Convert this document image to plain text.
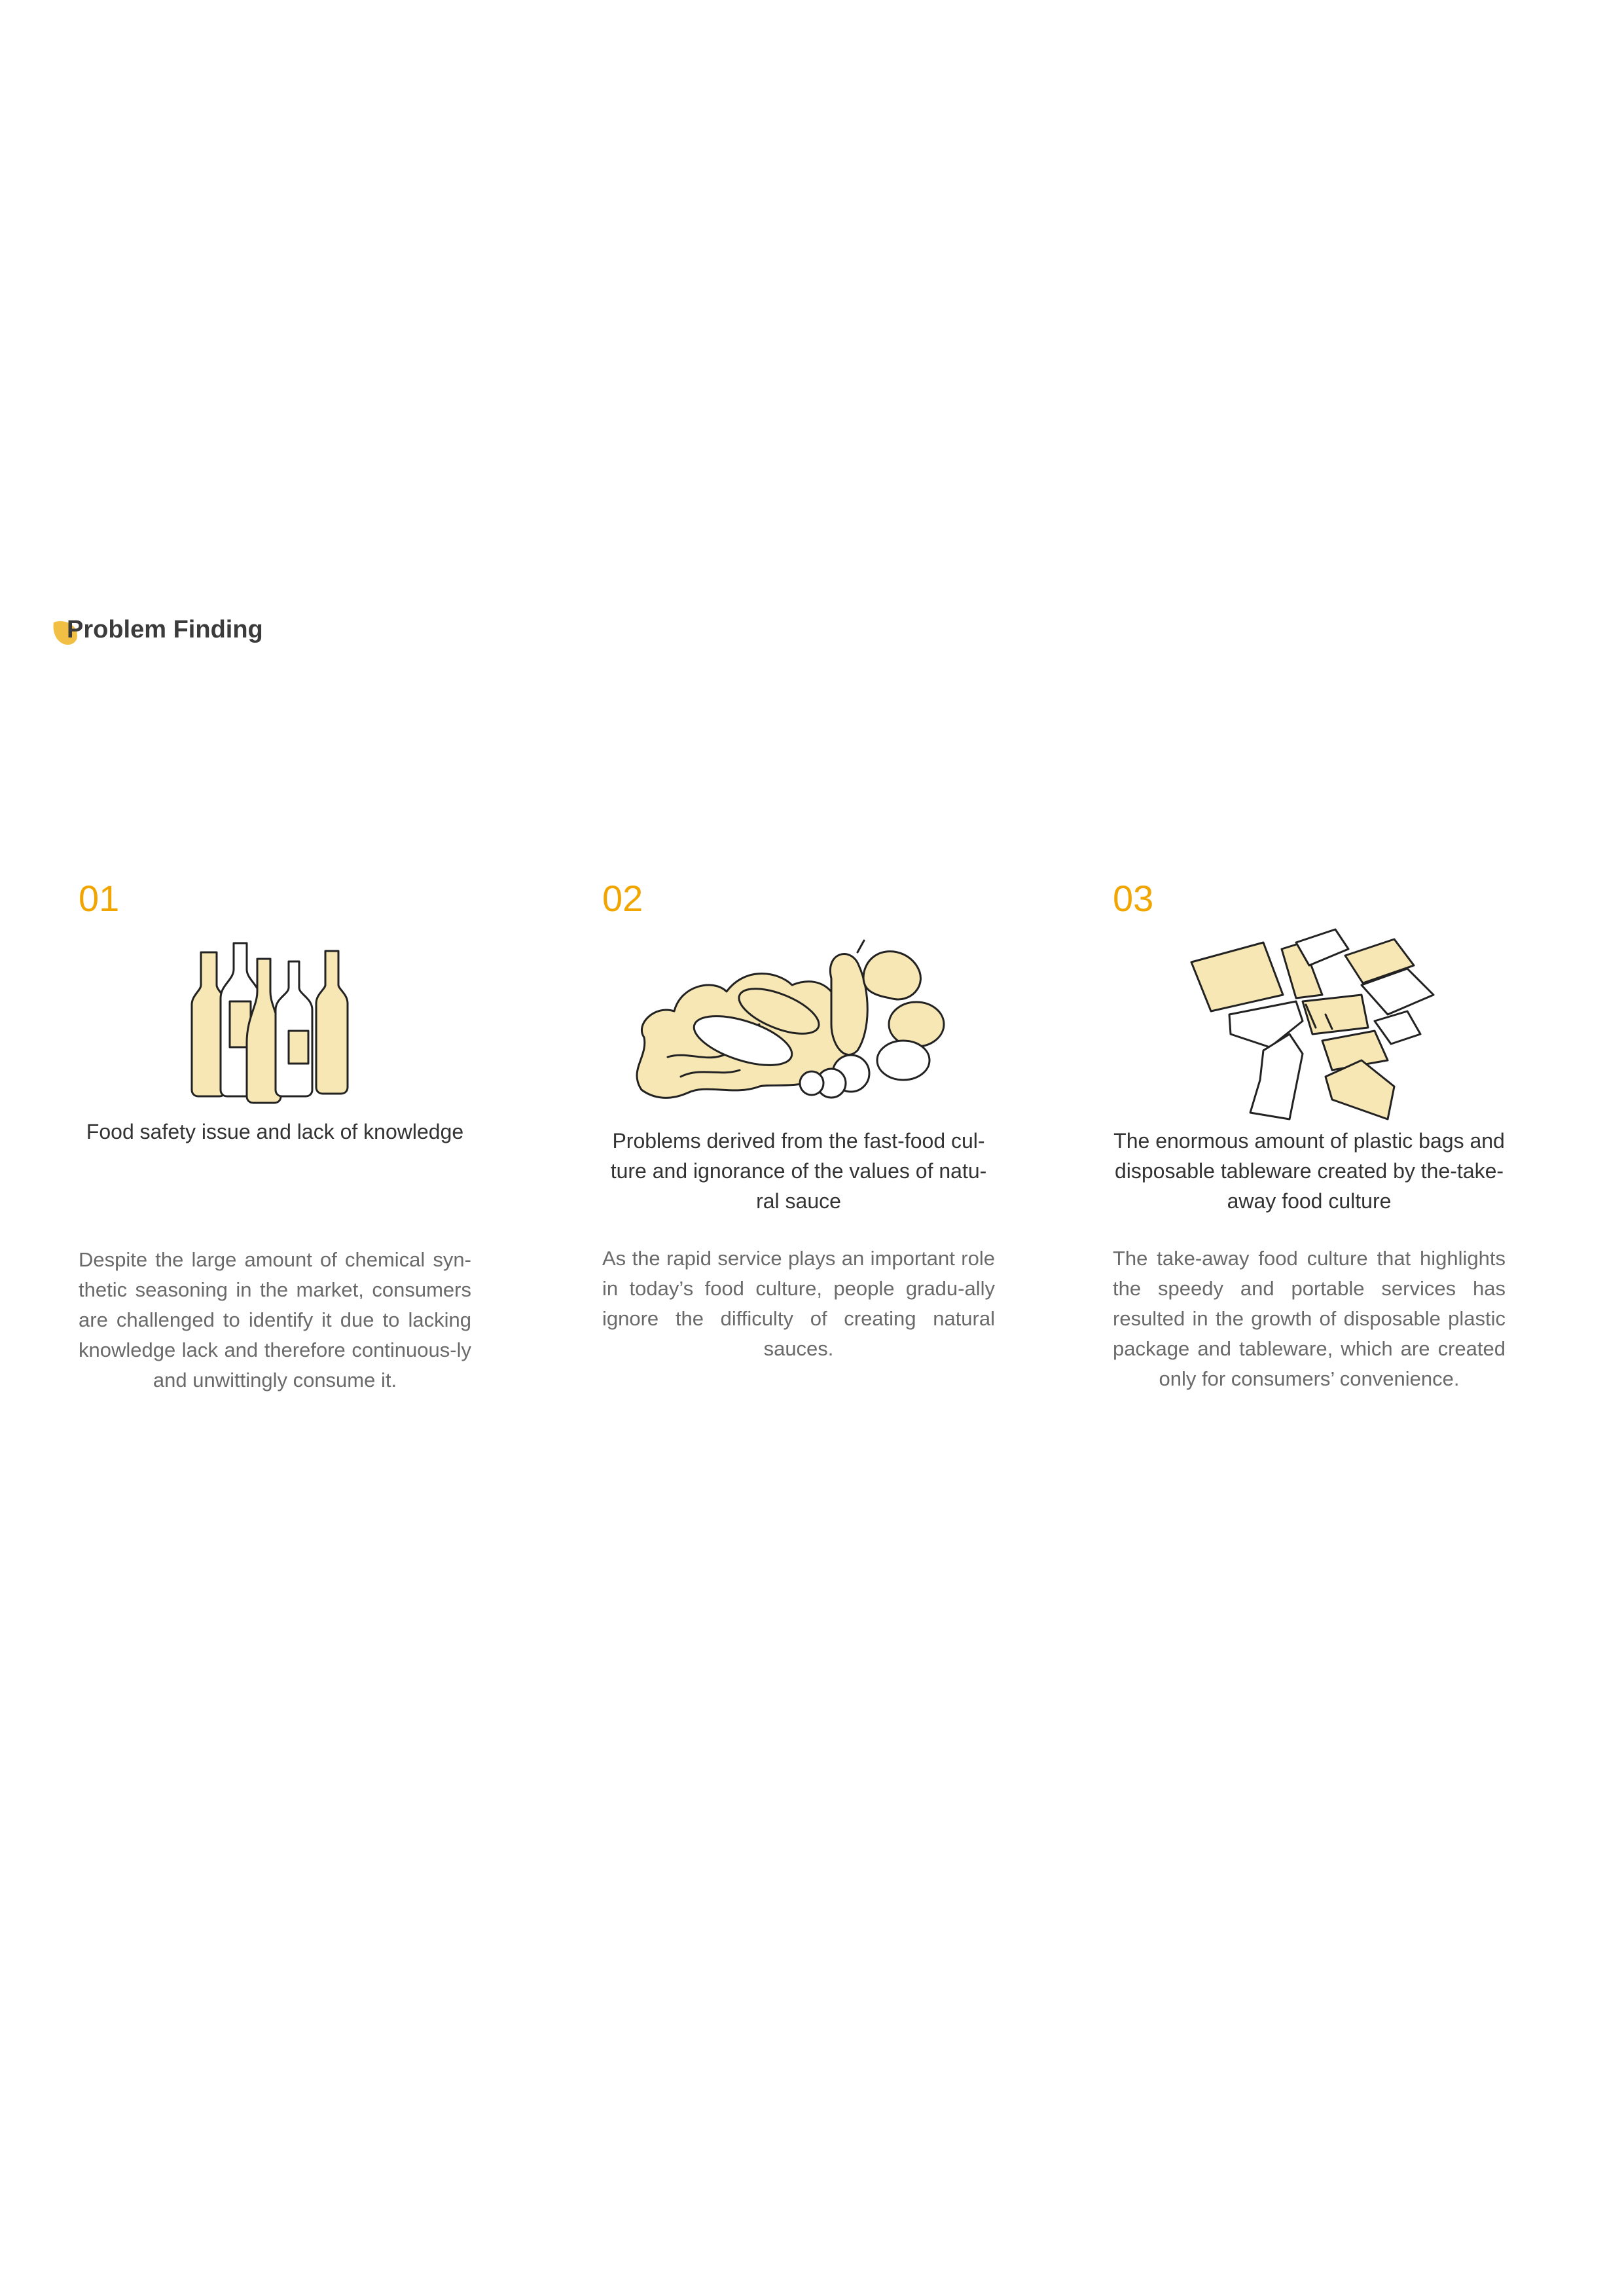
Problem Finding
01
Food safety issue and lack of knowledge
Despite the large amount of chemical syn-thetic seasoning in the market, consumers are challenged to identify it due to lacking knowledge lack and therefore continuous-ly and unwittingly consume it.
02
Problems derived from the fast-food cul-ture and ignorance of the values of natu-ral sauce
As the rapid service plays an important role in today’s food culture, people gradu-ally ignore the difficulty of creating natural sauces.
03
The enormous amount of plastic bags and disposable tableware created by the-take-away food culture
The take-away food culture that highlights the speedy and portable services has resulted in the growth of disposable plastic package and tableware, which are created only for consumers’ convenience.
